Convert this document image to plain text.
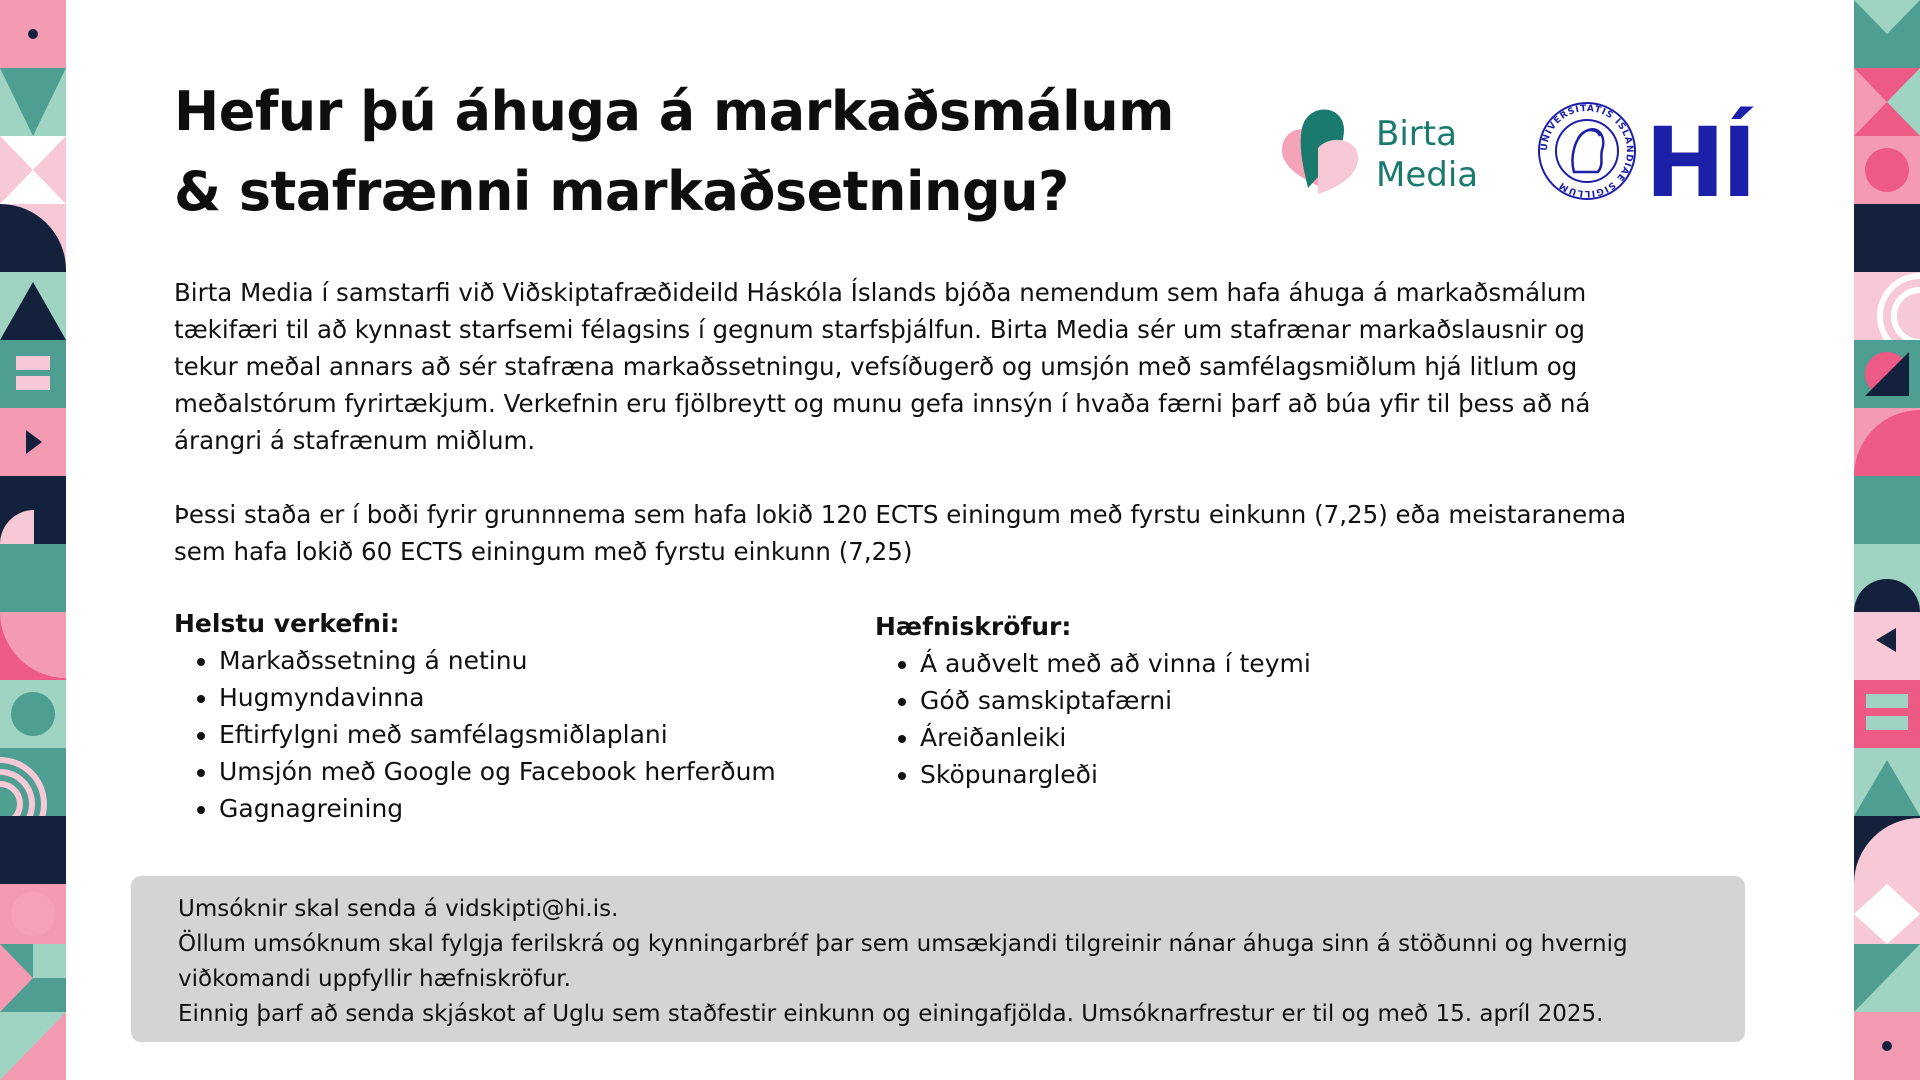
Hefur þú áhuga á markaðsmálum
& stafrænni markaðsetningu?
Birta
Media
UNIVERSITATIS ISLANDIAE SIGILLUM HÍ

Birta Media í samstarfi við Viðskiptafræðideild Háskóla Íslands bjóða nemendum sem hafa áhuga á markaðsmálum tækifæri til að kynnast starfsemi félagsins í gegnum starfsþjálfun. Birta Media sér um stafrænar markaðslausnir og tekur meðal annars að sér stafræna markaðssetningu, vefsíðugerð og umsjón með samfélagsmiðlum hjá litlum og meðalstórum fyrirtækjum. Verkefnin eru fjölbreytt og munu gefa innsýn í hvaða færni þarf að búa yfir til þess að ná árangri á stafrænum miðlum.

Þessi staða er í boði fyrir grunnnema sem hafa lokið 120 ECTS einingum með fyrstu einkunn (7,25) eða meistaranema sem hafa lokið 60 ECTS einingum með fyrstu einkunn (7,25)

Helstu verkefni:
• Markaðssetning á netinu
• Hugmyndavinna
• Eftirfylgni með samfélagsmiðlaplani
• Umsjón með Google og Facebook herferðum
• Gagnagreining
Hæfniskröfur:
• Á auðvelt með að vinna í teymi
• Góð samskiptafærni
• Áreiðanleiki
• Sköpunargleði
Umsóknir skal senda á vidskipti@hi.is.
Öllum umsóknum skal fylgja ferilskrá og kynningarbréf þar sem umsækjandi tilgreinir nánar áhuga sinn á stöðunni og hvernig viðkomandi uppfyllir hæfniskröfur.
Einnig þarf að senda skjáskot af Uglu sem staðfestir einkunn og einingafjölda. Umsóknarfrestur er til og með 15. apríl 2025.
